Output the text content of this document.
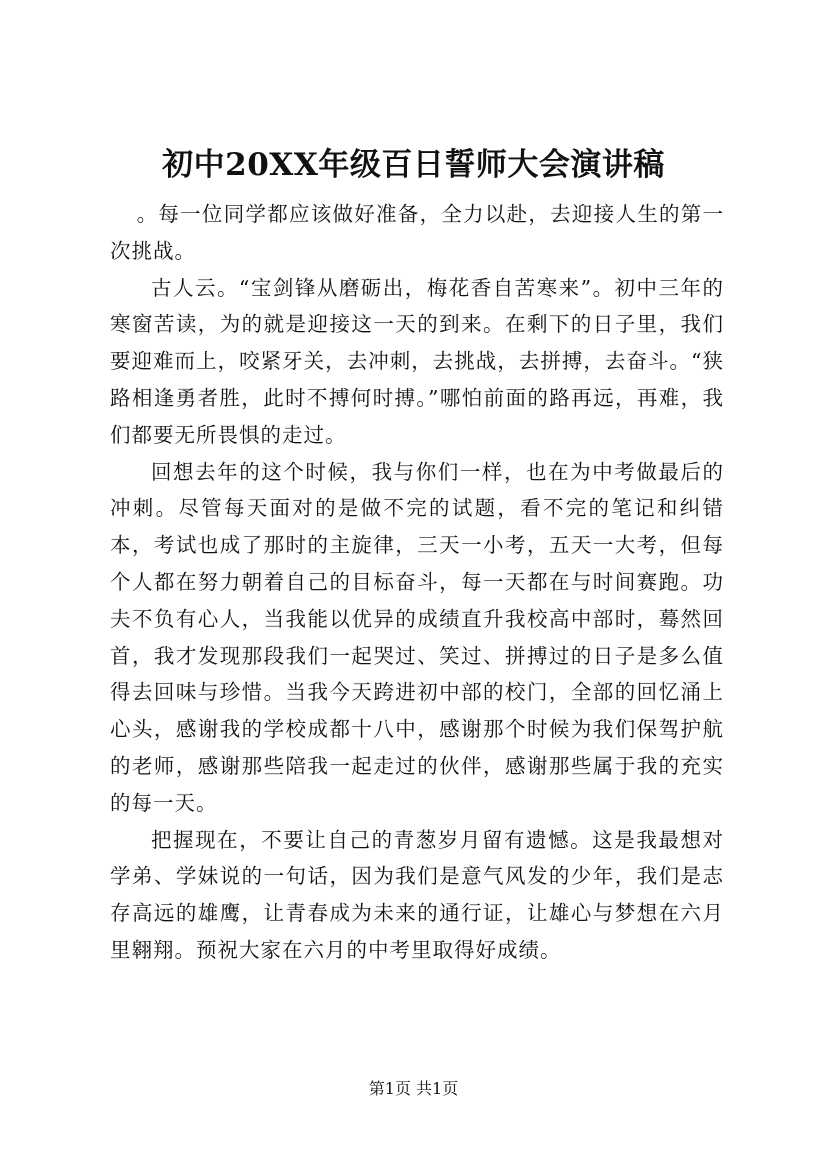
初中20XX年级百日誓师大会演讲稿

。每一位同学都应该做好准备，全力以赴，去迎接人生的第一次挑战。

古人云。“宝剑锋从磨砺出，梅花香自苦寒来”。初中三年的寒窗苦读，为的就是迎接这一天的到来。在剩下的日子里，我们要迎难而上，咬紧牙关，去冲刺，去挑战，去拼搏，去奋斗。“狭路相逢勇者胜，此时不搏何时搏。”哪怕前面的路再远，再难，我们都要无所畏惧的走过。

回想去年的这个时候，我与你们一样，也在为中考做最后的冲刺。尽管每天面对的是做不完的试题，看不完的笔记和纠错本，考试也成了那时的主旋律，三天一小考，五天一大考，但每个人都在努力朝着自己的目标奋斗，每一天都在与时间赛跑。功夫不负有心人，当我能以优异的成绩直升我校高中部时，蓦然回首，我才发现那段我们一起哭过、笑过、拼搏过的日子是多么值得去回味与珍惜。当我今天跨进初中部的校门，全部的回忆涌上心头，感谢我的学校成都十八中，感谢那个时候为我们保驾护航的老师，感谢那些陪我一起走过的伙伴，感谢那些属于我的充实的每一天。

把握现在，不要让自己的青葱岁月留有遗憾。这是我最想对学弟、学妹说的一句话，因为我们是意气风发的少年，我们是志存高远的雄鹰，让青春成为未来的通行证，让雄心与梦想在六月里翱翔。预祝大家在六月的中考里取得好成绩。

第1页 共1页
